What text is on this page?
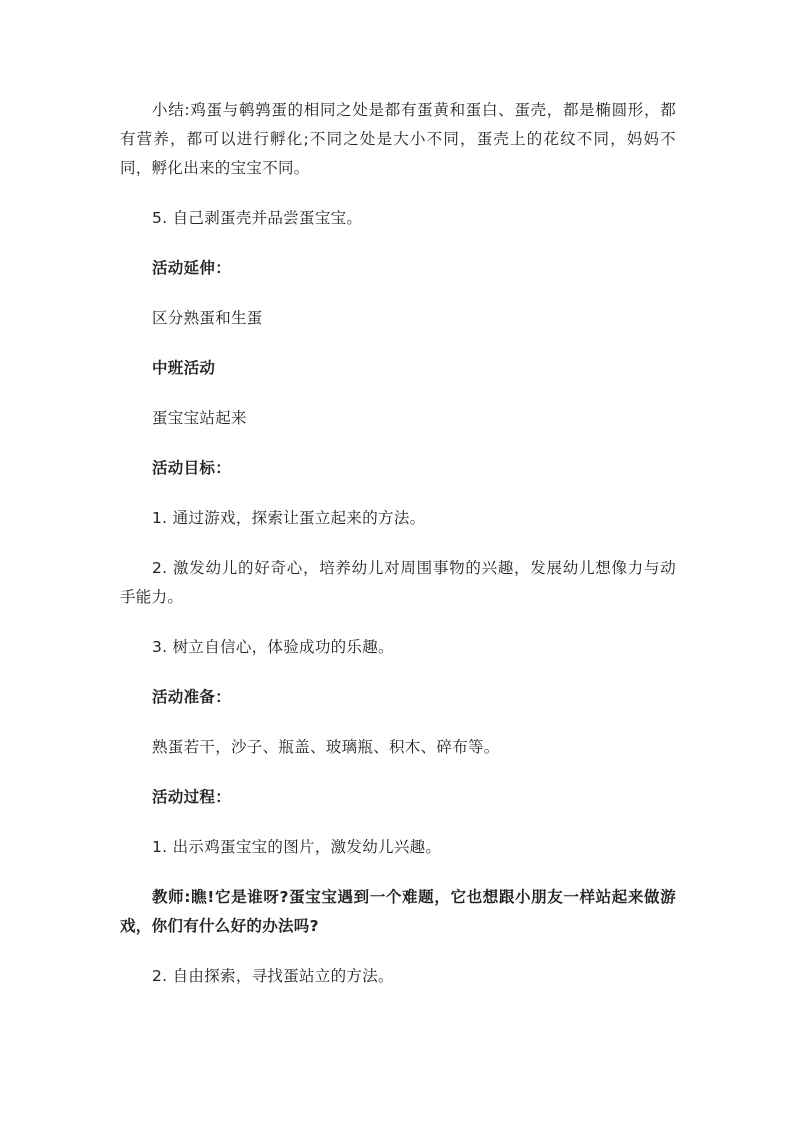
小结:鸡蛋与鹌鹑蛋的相同之处是都有蛋黄和蛋白、蛋壳，都是椭圆形，都有营养，都可以进行孵化;不同之处是大小不同，蛋壳上的花纹不同，妈妈不同，孵化出来的宝宝不同。

5. 自己剥蛋壳并品尝蛋宝宝。

活动延伸：

区分熟蛋和生蛋

中班活动

蛋宝宝站起来

活动目标：

1. 通过游戏，探索让蛋立起来的方法。

2. 激发幼儿的好奇心，培养幼儿对周围事物的兴趣，发展幼儿想像力与动手能力。

3. 树立自信心，体验成功的乐趣。

活动准备：

熟蛋若干，沙子、瓶盖、玻璃瓶、积木、碎布等。

活动过程：

1. 出示鸡蛋宝宝的图片，激发幼儿兴趣。

教师:瞧!它是谁呀?蛋宝宝遇到一个难题，它也想跟小朋友一样站起来做游戏，你们有什么好的办法吗?

2. 自由探索，寻找蛋站立的方法。
